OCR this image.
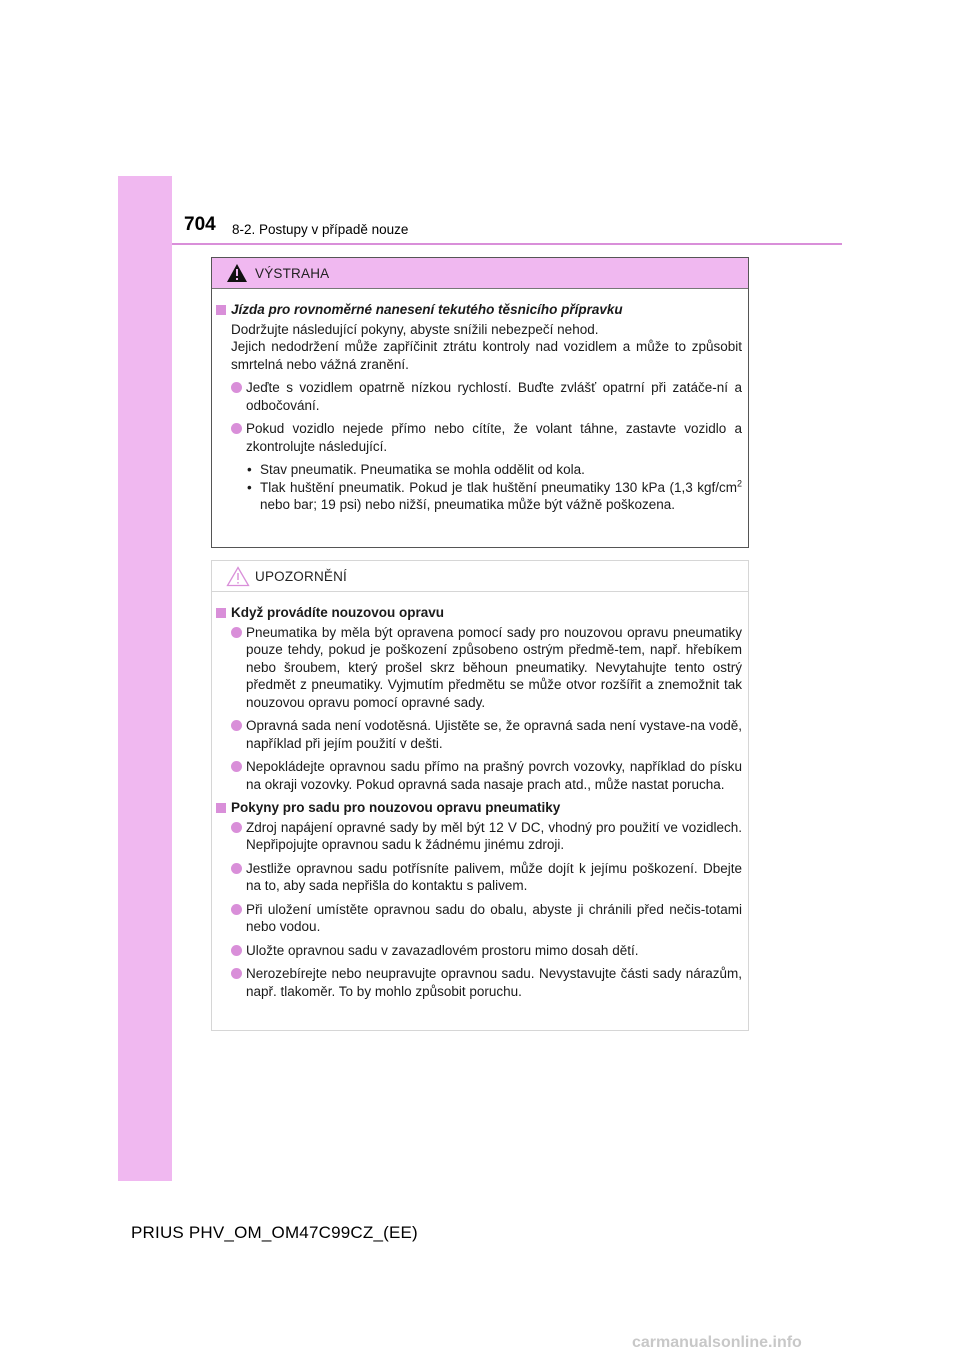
704 8-2. Postupy v případě nouze
VÝSTRAHA
Jízda pro rovnoměrné nanesení tekutého těsnicího přípravku
Dodržujte následující pokyny, abyste snížili nebezpečí nehod.
Jejich nedodržení může zapříčinit ztrátu kontroly nad vozidlem a může to způsobit smrtelná nebo vážná zranění.
Jeďte s vozidlem opatrně nízkou rychlostí. Buďte zvlášť opatrní při zatáče-ní a odbočování.
Pokud vozidlo nejede přímo nebo cítíte, že volant táhne, zastavte vozidlo a zkontrolujte následující.
• Stav pneumatik. Pneumatika se mohla oddělit od kola.
• Tlak huštění pneumatik. Pokud je tlak huštění pneumatiky 130 kPa (1,3 kgf/$cm^2$ nebo bar; 19 psi) nebo nižší, pneumatika může být vážně poškozena.
UPOZORNĚNÍ
Když provádíte nouzovou opravu
Pneumatika by měla být opravena pomocí sady pro nouzovou opravu pneumatiky pouze tehdy, pokud je poškození způsobeno ostrým předmě-tem, např. hřebíkem nebo šroubem, který prošel skrz běhoun pneumatiky. Nevytahujte tento ostrý předmět z pneumatiky. Vyjmutím předmětu se může otvor rozšířit a znemožnit tak nouzovou opravu pomocí opravné sady.
Opravná sada není vodotěsná. Ujistěte se, že opravná sada není vystave-na vodě, například při jejím použití v dešti.
Nepokládejte opravnou sadu přímo na prašný povrch vozovky, například do písku na okraji vozovky. Pokud opravná sada nasaje prach atd., může nastat porucha.
Pokyny pro sadu pro nouzovou opravu pneumatiky
Zdroj napájení opravné sady by měl být 12 V DC, vhodný pro použití ve vozidlech. Nepřipojujte opravnou sadu k žádnému jinému zdroji.
Jestliže opravnou sadu potřísníte palivem, může dojít k jejímu poškození. Dbejte na to, aby sada nepřišla do kontaktu s palivem.
Při uložení umístěte opravnou sadu do obalu, abyste ji chránili před nečis-totami nebo vodou.
Uložte opravnou sadu v zavazadlovém prostoru mimo dosah dětí.
Nerozebírejte nebo neupravujte opravnou sadu. Nevystavujte části sady nárazům, např. tlakoměr. To by mohlo způsobit poruchu.
PRIUS PHV_OM_OM47C99CZ_(EE)
carmanualsonline.info
